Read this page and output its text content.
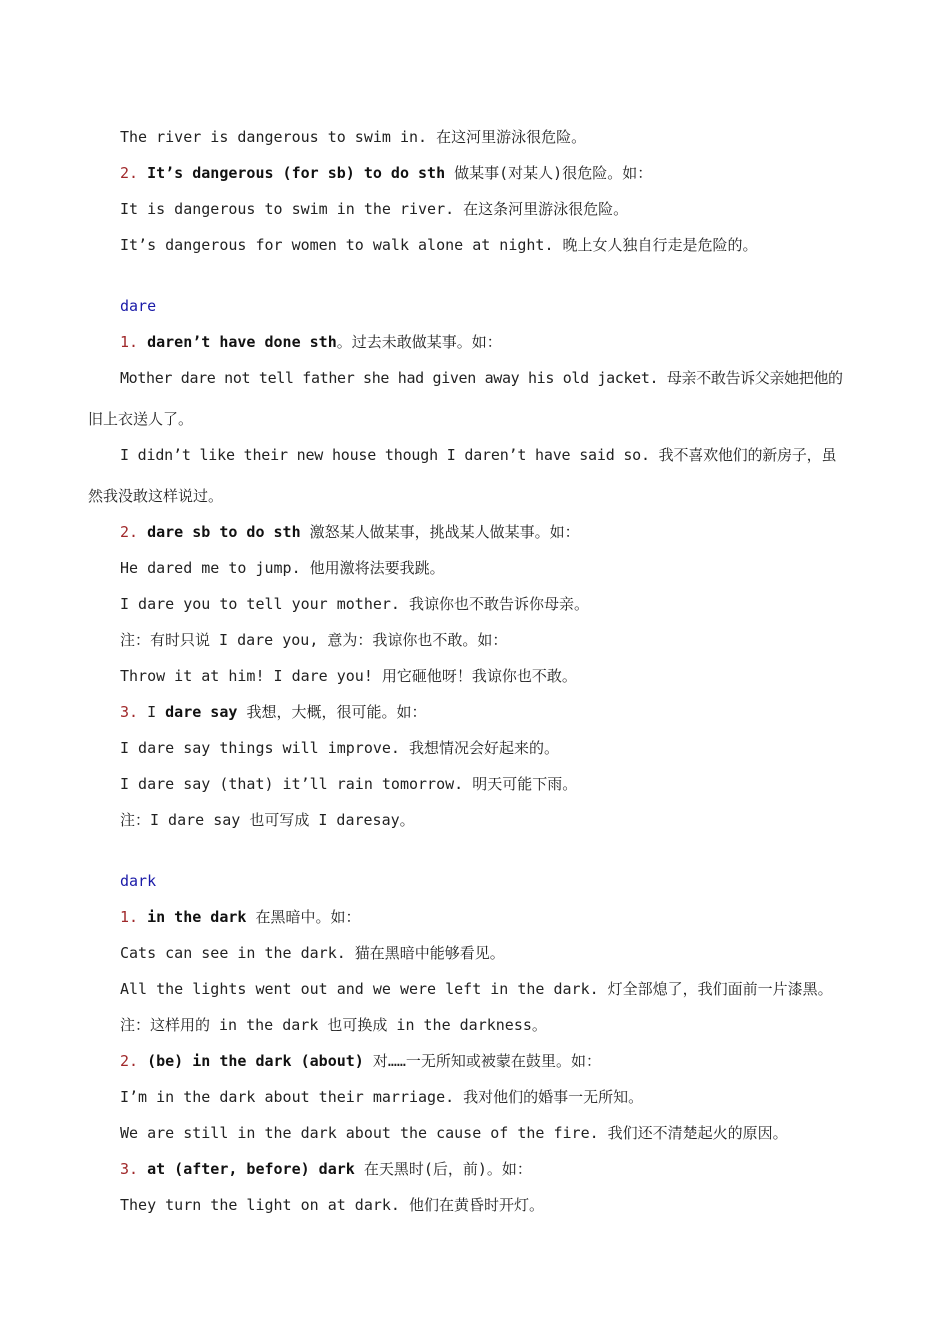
The river is dangerous to swim in. 在这河里游泳很危险。
2. It’s dangerous (for sb) to do sth 做某事(对某人)很危险。如：
It is dangerous to swim in the river. 在这条河里游泳很危险。
It’s dangerous for women to walk alone at night. 晚上女人独自行走是危险的。
dare
1. daren’t have done sth。过去未敢做某事。如：
Mother dare not tell father she had given away his old jacket. 母亲不敢告诉父亲她把他的
旧上衣送人了。
I didn’t like their new house though I daren’t have said so. 我不喜欢他们的新房子，虽
然我没敢这样说过。
2. dare sb to do sth 激怒某人做某事，挑战某人做某事。如：
He dared me to jump. 他用激将法要我跳。
I dare you to tell your mother. 我谅你也不敢告诉你母亲。
注：有时只说 I dare you, 意为：我谅你也不敢。如：
Throw it at him! I dare you! 用它砸他呀！我谅你也不敢。
3. I dare say 我想，大概，很可能。如：
I dare say things will improve. 我想情况会好起来的。
I dare say (that) it’ll rain tomorrow. 明天可能下雨。
注：I dare say 也可写成 I daresay。
dark
1. in the dark 在黑暗中。如：
Cats can see in the dark. 猫在黑暗中能够看见。
All the lights went out and we were left in the dark. 灯全部熄了，我们面前一片漆黑。
注：这样用的 in the dark 也可换成 in the darkness。
2. (be) in the dark (about) 对……一无所知或被蒙在鼓里。如：
I’m in the dark about their marriage. 我对他们的婚事一无所知。
We are still in the dark about the cause of the fire. 我们还不清楚起火的原因。
3. at (after, before) dark 在天黑时(后，前)。如：
They turn the light on at dark. 他们在黄昏时开灯。
